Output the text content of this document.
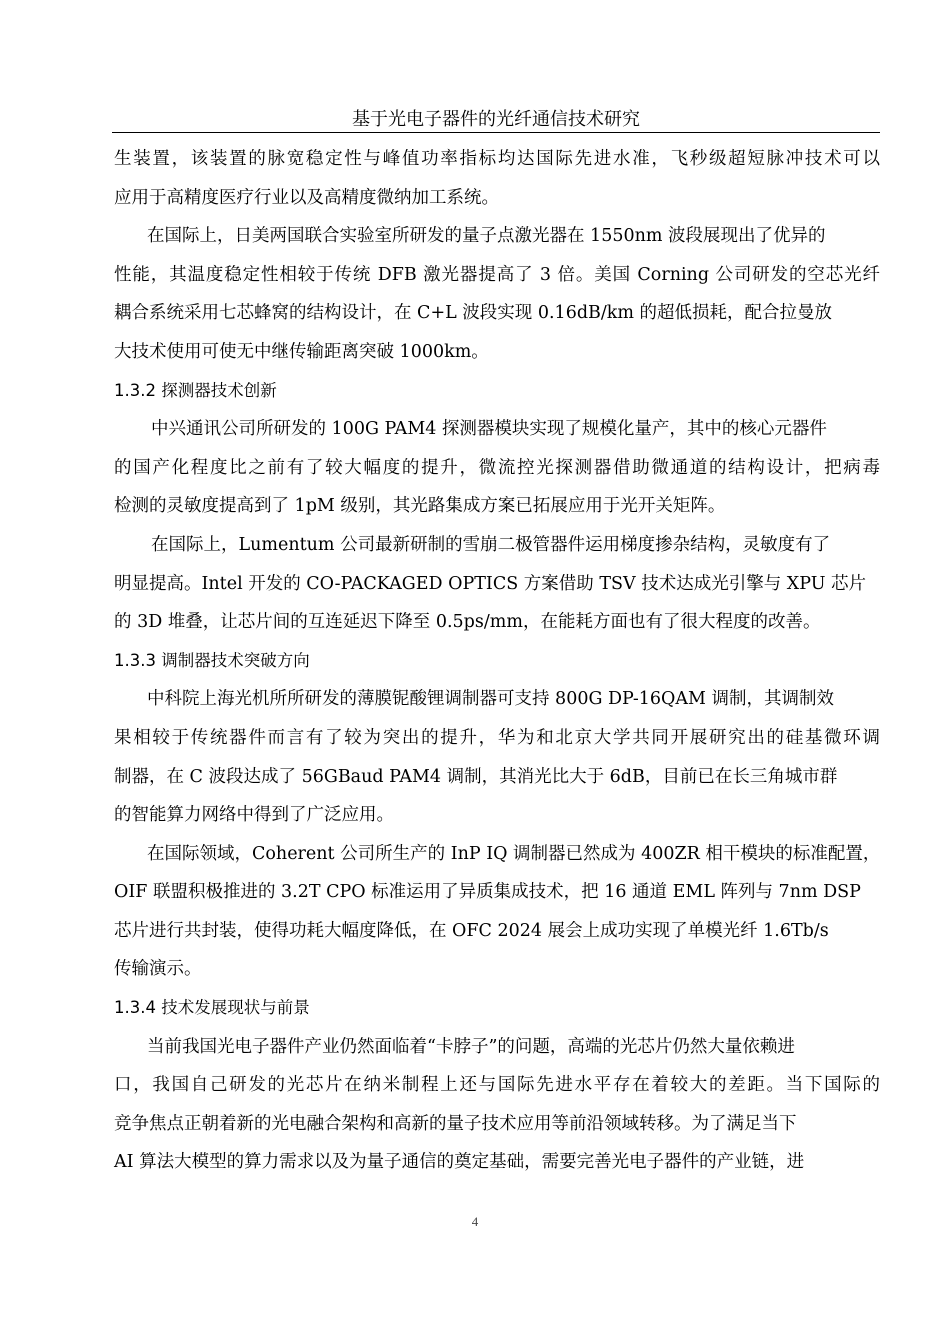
基于光电子器件的光纤通信技术研究
生装置，该装置的脉宽稳定性与峰值功率指标均达国际先进水准，飞秒级超短脉冲技术可以
应用于高精度医疗行业以及高精度微纳加工系统。
在国际上，日美两国联合实验室所研发的量子点激光器在 1550nm 波段展现出了优异的
性能，其温度稳定性相较于传统 DFB 激光器提高了 3 倍。美国 Corning 公司研发的空芯光纤
耦合系统采用七芯蜂窝的结构设计，在 C+L 波段实现 0.16dB/km 的超低损耗，配合拉曼放
大技术使用可使无中继传输距离突破 1000km。
1.3.2 探测器技术创新
中兴通讯公司所研发的 100G PAM4 探测器模块实现了规模化量产，其中的核心元器件
的国产化程度比之前有了较大幅度的提升，微流控光探测器借助微通道的结构设计，把病毒
检测的灵敏度提高到了 1pM 级别，其光路集成方案已拓展应用于光开关矩阵。
在国际上，Lumentum 公司最新研制的雪崩二极管器件运用梯度掺杂结构，灵敏度有了
明显提高。Intel 开发的 CO-PACKAGED OPTICS 方案借助 TSV 技术达成光引擎与 XPU 芯片
的 3D 堆叠，让芯片间的互连延迟下降至 0.5ps/mm，在能耗方面也有了很大程度的改善。
1.3.3 调制器技术突破方向
中科院上海光机所所研发的薄膜铌酸锂调制器可支持 800G DP-16QAM 调制，其调制效
果相较于传统器件而言有了较为突出的提升，华为和北京大学共同开展研究出的硅基微环调
制器，在 C 波段达成了 56GBaud PAM4 调制，其消光比大于 6dB，目前已在长三角城市群
的智能算力网络中得到了广泛应用。
在国际领域，Coherent 公司所生产的 InP IQ 调制器已然成为 400ZR 相干模块的标准配置，
OIF 联盟积极推进的 3.2T CPO 标准运用了异质集成技术，把 16 通道 EML 阵列与 7nm DSP
芯片进行共封装，使得功耗大幅度降低，在 OFC 2024 展会上成功实现了单模光纤 1.6Tb/s
传输演示。
1.3.4 技术发展现状与前景
当前我国光电子器件产业仍然面临着“卡脖子”的问题，高端的光芯片仍然大量依赖进
口，我国自己研发的光芯片在纳米制程上还与国际先进水平存在着较大的差距。当下国际的
竞争焦点正朝着新的光电融合架构和高新的量子技术应用等前沿领域转移。为了满足当下
AI 算法大模型的算力需求以及为量子通信的奠定基础，需要完善光电子器件的产业链，进
4
